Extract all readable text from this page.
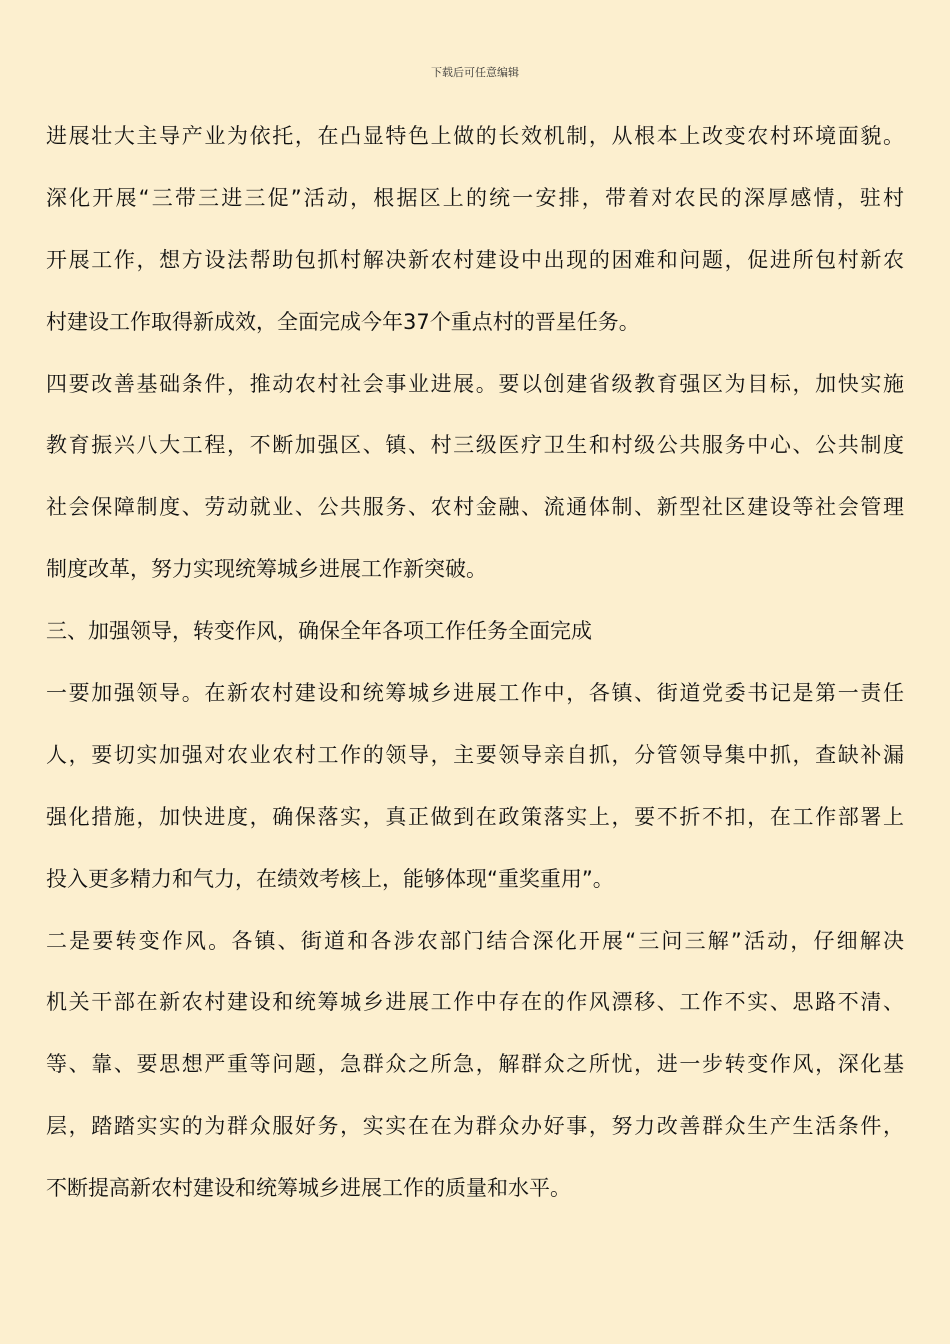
下载后可任意编辑
进展壮大主导产业为依托，在凸显特色上做的长效机制，从根本上改变农村环境面貌。
深化开展“三带三进三促”活动，根据区上的统一安排，带着对农民的深厚感情，驻村
开展工作，想方设法帮助包抓村解决新农村建设中出现的困难和问题，促进所包村新农
村建设工作取得新成效，全面完成今年37个重点村的晋星任务。
四要改善基础条件，推动农村社会事业进展。要以创建省级教育强区为目标，加快实施
教育振兴八大工程，不断加强区、镇、村三级医疗卫生和村级公共服务中心、公共制度
社会保障制度、劳动就业、公共服务、农村金融、流通体制、新型社区建设等社会管理
制度改革，努力实现统筹城乡进展工作新突破。
三、加强领导，转变作风，确保全年各项工作任务全面完成
一要加强领导。在新农村建设和统筹城乡进展工作中，各镇、街道党委书记是第一责任
人，要切实加强对农业农村工作的领导，主要领导亲自抓，分管领导集中抓，查缺补漏
强化措施，加快进度，确保落实，真正做到在政策落实上，要不折不扣，在工作部署上
投入更多精力和气力，在绩效考核上，能够体现“重奖重用”。
二是要转变作风。各镇、街道和各涉农部门结合深化开展“三问三解”活动，仔细解决
机关干部在新农村建设和统筹城乡进展工作中存在的作风漂移、工作不实、思路不清、
等、靠、要思想严重等问题，急群众之所急，解群众之所忧，进一步转变作风，深化基
层，踏踏实实的为群众服好务，实实在在为群众办好事，努力改善群众生产生活条件，
不断提高新农村建设和统筹城乡进展工作的质量和水平。
